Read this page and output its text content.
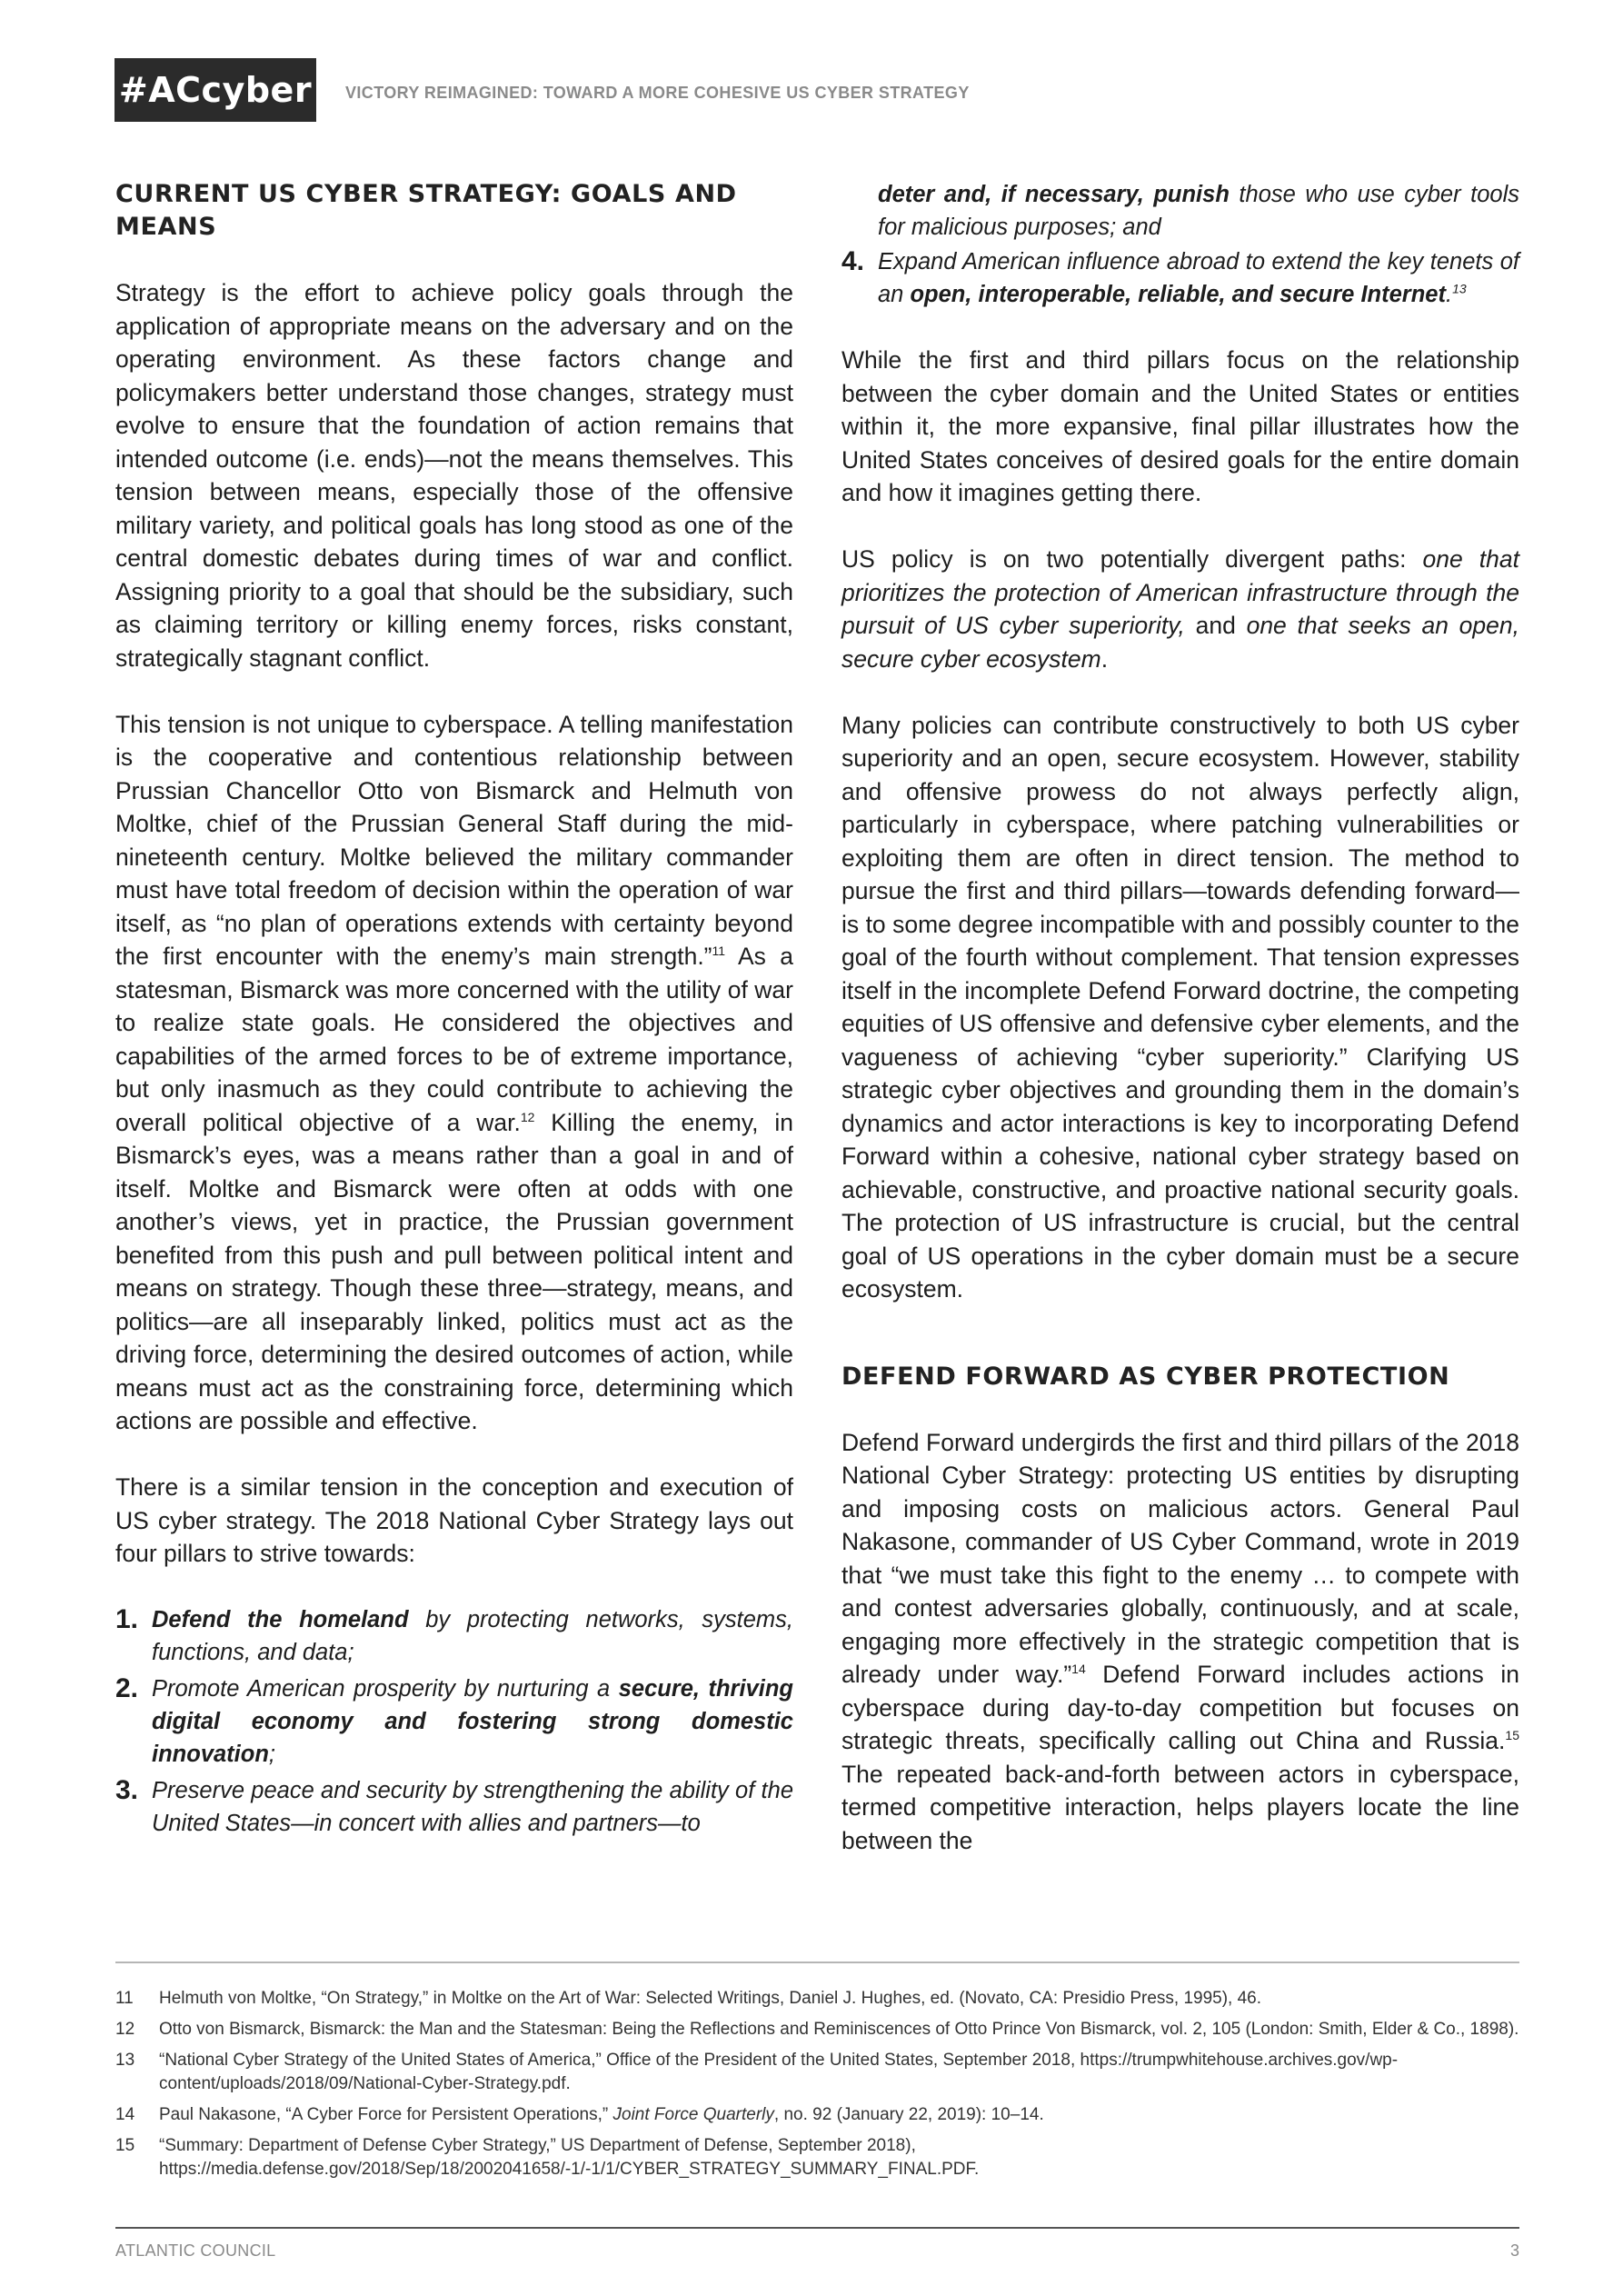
#ACcyber VICTORY REIMAGINED: TOWARD A MORE COHESIVE US CYBER STRATEGY
CURRENT US CYBER STRATEGY: GOALS AND MEANS

Strategy is the effort to achieve policy goals through the application of appropriate means on the adversary and on the operating environment. As these factors change and policymakers better understand those changes, strategy must evolve to ensure that the foundation of action remains that intended outcome (i.e. ends)—not the means themselves. This tension between means, especially those of the offensive military variety, and political goals has long stood as one of the central domestic debates during times of war and conflict. Assigning priority to a goal that should be the subsidiary, such as claiming territory or killing enemy forces, risks constant, strategically stagnant conflict.

This tension is not unique to cyberspace. A telling manifestation is the cooperative and contentious relationship between Prussian Chancellor Otto von Bismarck and Helmuth von Moltke, chief of the Prussian General Staff during the mid-nineteenth century. Moltke believed the military commander must have total freedom of decision within the operation of war itself, as “no plan of operations extends with certainty beyond the first encounter with the enemy’s main strength.”$^{11}$ As a statesman, Bismarck was more concerned with the utility of war to realize state goals. He considered the objectives and capabilities of the armed forces to be of extreme importance, but only inasmuch as they could contribute to achieving the overall political objective of a war.$^{12}$ Killing the enemy, in Bismarck’s eyes, was a means rather than a goal in and of itself. Moltke and Bismarck were often at odds with one another’s views, yet in practice, the Prussian government benefited from this push and pull between political intent and means on strategy. Though these three—strategy, means, and politics—are all inseparably linked, politics must act as the driving force, determining the desired outcomes of action, while means must act as the constraining force, determining which actions are possible and effective.

There is a similar tension in the conception and execution of US cyber strategy. The 2018 National Cyber Strategy lays out four pillars to strive towards:

1. Defend the homeland by protecting networks, systems, functions, and data;
2. Promote American prosperity by nurturing a secure, thriving digital economy and fostering strong domestic innovation;
3. Preserve peace and security by strengthening the ability of the United States—in concert with allies and partners—to

deter and, if necessary, punish those who use cyber tools for malicious purposes; and

4. Expand American influence abroad to extend the key tenets of an open, interoperable, reliable, and secure Internet.$^{13}$

While the first and third pillars focus on the relationship between the cyber domain and the United States or entities within it, the more expansive, final pillar illustrates how the United States conceives of desired goals for the entire domain and how it imagines getting there.

US policy is on two potentially divergent paths: one that prioritizes the protection of American infrastructure through the pursuit of US cyber superiority, and one that seeks an open, secure cyber ecosystem.

Many policies can contribute constructively to both US cyber superiority and an open, secure ecosystem. However, stability and offensive prowess do not always perfectly align, particularly in cyberspace, where patching vulnerabilities or exploiting them are often in direct tension. The method to pursue the first and third pillars—towards defending forward—is to some degree incompatible with and possibly counter to the goal of the fourth without complement. That tension expresses itself in the incomplete Defend Forward doctrine, the competing equities of US offensive and defensive cyber elements, and the vagueness of achieving “cyber superiority.” Clarifying US strategic cyber objectives and grounding them in the domain’s dynamics and actor interactions is key to incorporating Defend Forward within a cohesive, national cyber strategy based on achievable, constructive, and proactive national security goals. The protection of US infrastructure is crucial, but the central goal of US operations in the cyber domain must be a secure ecosystem.

DEFEND FORWARD AS CYBER PROTECTION

Defend Forward undergirds the first and third pillars of the 2018 National Cyber Strategy: protecting US entities by disrupting and imposing costs on malicious actors. General Paul Nakasone, commander of US Cyber Command, wrote in 2019 that “we must take this fight to the enemy … to compete with and contest adversaries globally, continuously, and at scale, engaging more effectively in the strategic competition that is already under way.”$^{14}$ Defend Forward includes actions in cyberspace during day-to-day competition but focuses on strategic threats, specifically calling out China and Russia.$^{15}$ The repeated back-and-forth between actors in cyberspace, termed competitive interaction, helps players locate the line between the

11	Helmuth von Moltke, “On Strategy,” in Moltke on the Art of War: Selected Writings, Daniel J. Hughes, ed. (Novato, CA: Presidio Press, 1995), 46.
12	Otto von Bismarck, Bismarck: the Man and the Statesman: Being the Reflections and Reminiscences of Otto Prince Von Bismarck, vol. 2, 105 (London: Smith, Elder & Co., 1898).
13	“National Cyber Strategy of the United States of America,” Office of the President of the United States, September 2018, https://trumpwhitehouse.archives.gov/wp-content/uploads/2018/09/National-Cyber-Strategy.pdf.
14	Paul Nakasone, “A Cyber Force for Persistent Operations,” Joint Force Quarterly, no. 92 (January 22, 2019): 10–14.
15	“Summary: Department of Defense Cyber Strategy,” US Department of Defense, September 2018), https://media.defense.gov/2018/Sep/18/2002041658/-1/-1/1/CYBER_STRATEGY_SUMMARY_FINAL.PDF.
ATLANTIC COUNCIL	3
